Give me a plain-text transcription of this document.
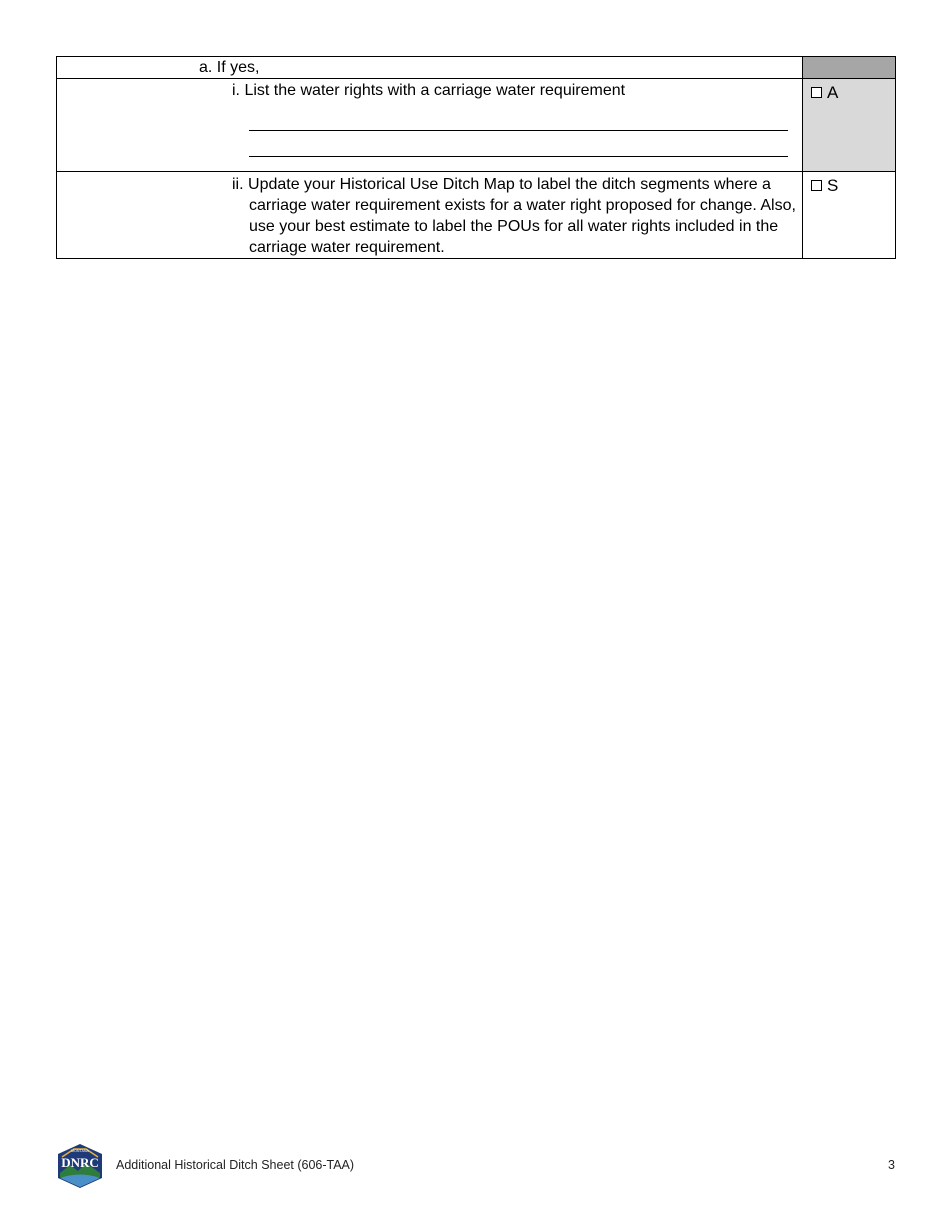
a. If yes,	

i. List the water rights with a carriage water requirement	A

ii. Update your Historical Use Ditch Map to label the ditch segments where a carriage water requirement exists for a water right proposed for change. Also, use your best estimate to label the POUs for all water rights included in the carriage water requirement.	S
MONTANA
DNRC Additional Historical Ditch Sheet (606-TAA)	3
